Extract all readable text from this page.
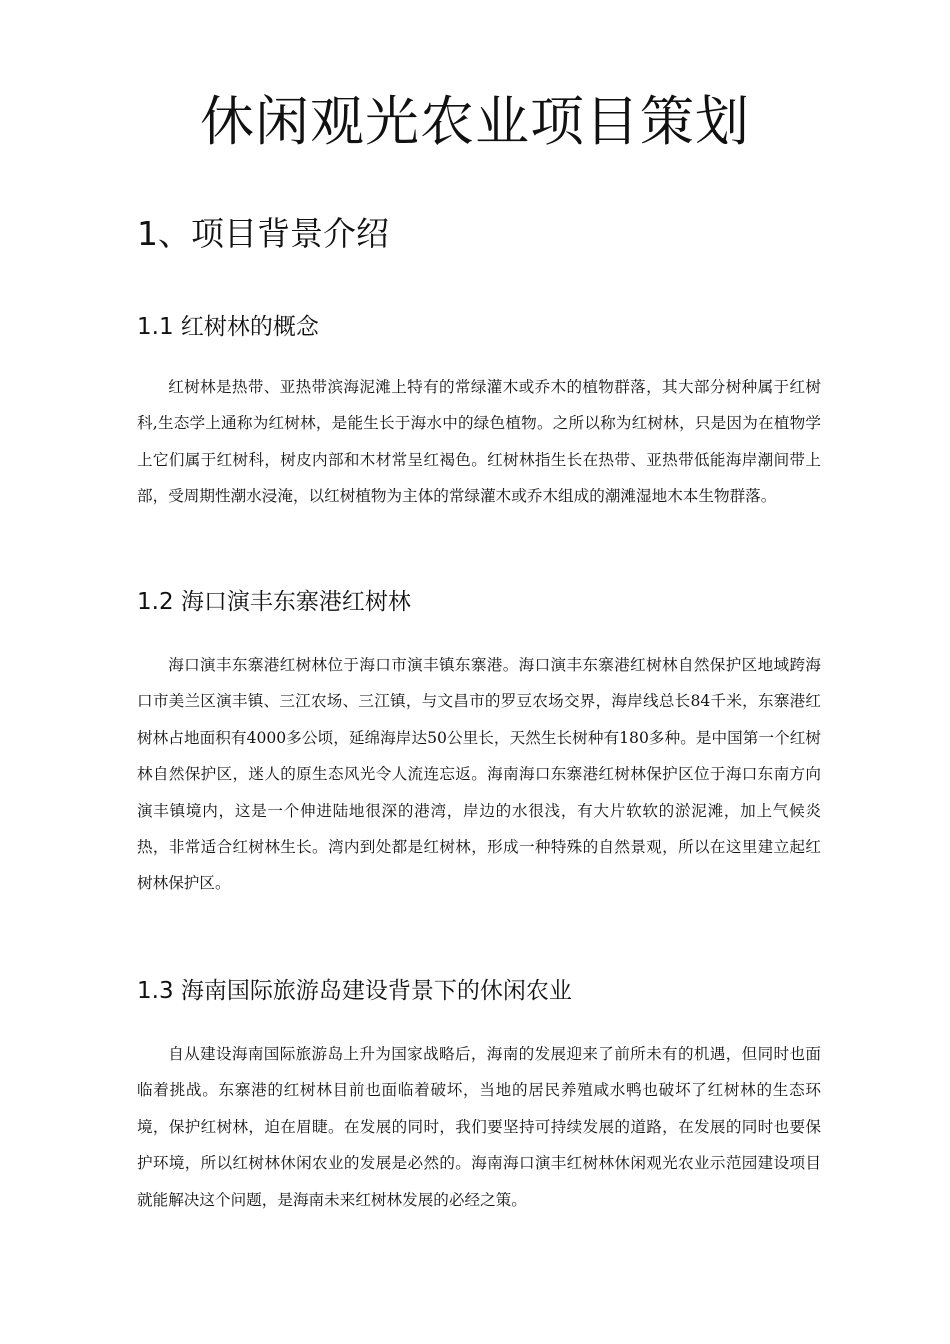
休闲观光农业项目策划
1、项目背景介绍
1.1 红树林的概念

红树林是热带、亚热带滨海泥滩上特有的常绿灌木或乔木的植物群落，其大部分树种属于红树科,生态学上通称为红树林，是能生长于海水中的绿色植物。之所以称为红树林，只是因为在植物学上它们属于红树科，树皮内部和木材常呈红褐色。红树林指生长在热带、亚热带低能海岸潮间带上部，受周期性潮水浸淹，以红树植物为主体的常绿灌木或乔木组成的潮滩湿地木本生物群落。

1.2 海口演丰东寨港红树林

海口演丰东寨港红树林位于海口市演丰镇东寨港。海口演丰东寨港红树林自然保护区地域跨海口市美兰区演丰镇、三江农场、三江镇，与文昌市的罗豆农场交界，海岸线总长84千米，东寨港红树林占地面积有4000多公顷，延绵海岸达50公里长，天然生长树种有180多种。是中国第一个红树林自然保护区，迷人的原生态风光令人流连忘返。海南海口东寨港红树林保护区位于海口东南方向演丰镇境内，这是一个伸进陆地很深的港湾，岸边的水很浅，有大片软软的淤泥滩，加上气候炎热，非常适合红树林生长。湾内到处都是红树林，形成一种特殊的自然景观，所以在这里建立起红树林保护区。

1.3 海南国际旅游岛建设背景下的休闲农业

自从建设海南国际旅游岛上升为国家战略后，海南的发展迎来了前所未有的机遇，但同时也面临着挑战。东寨港的红树林目前也面临着破坏，当地的居民养殖咸水鸭也破坏了红树林的生态环境，保护红树林，迫在眉睫。在发展的同时，我们要坚持可持续发展的道路，在发展的同时也要保护环境，所以红树林休闲农业的发展是必然的。海南海口演丰红树林休闲观光农业示范园建设项目就能解决这个问题，是海南未来红树林发展的必经之策。
